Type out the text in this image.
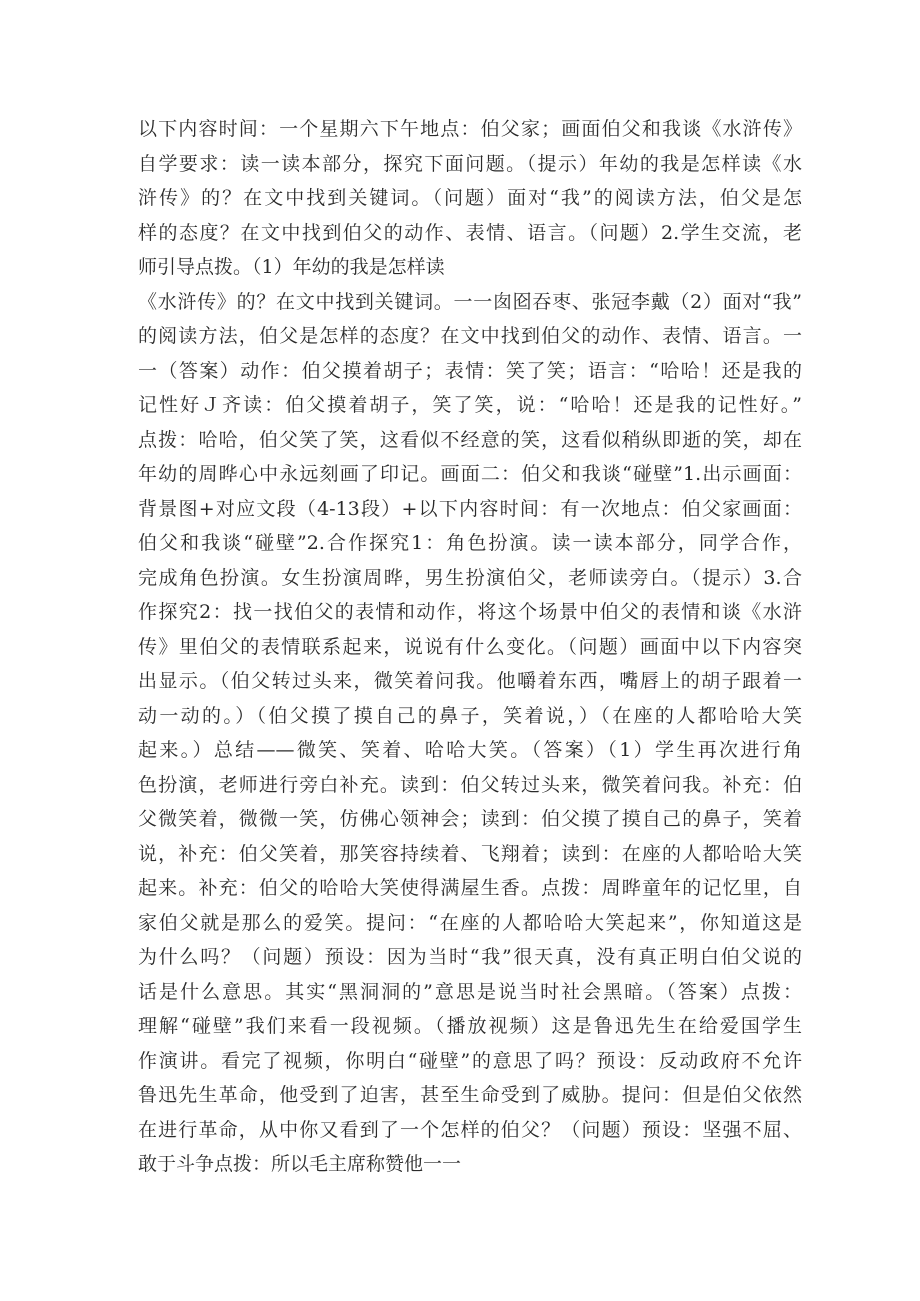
以下内容时间：一个星期六下午地点：伯父家；画面伯父和我谈《水浒传》
自学要求：读一读本部分，探究下面问题。（提示）年幼的我是怎样读《水
浒传》的？在文中找到关键词。（问题）面对“我”的阅读方法，伯父是怎
样的态度？在文中找到伯父的动作、表情、语言。（问题）2.学生交流，老
师引导点拨。（1）年幼的我是怎样读
《水浒传》的？在文中找到关键词。一一囱囵吞枣、张冠李戴（2）面对“我”
的阅读方法，伯父是怎样的态度？在文中找到伯父的动作、表情、语言。一
一（答案）动作：伯父摸着胡子；表情：笑了笑；语言：“哈哈！还是我的
记性好Ｊ齐读：伯父摸着胡子，笑了笑，说：“哈哈！还是我的记性好。”
点拨：哈哈，伯父笑了笑，这看似不经意的笑，这看似稍纵即逝的笑，却在
年幼的周晔心中永远刻画了印记。画面二：伯父和我谈“碰壁”1.出示画面：
背景图+对应文段（4-13段）+以下内容时间：有一次地点：伯父家画面：
伯父和我谈“碰壁”2.合作探究1：角色扮演。读一读本部分，同学合作，
完成角色扮演。女生扮演周晔，男生扮演伯父，老师读旁白。（提示）3.合
作探究2：找一找伯父的表情和动作，将这个场景中伯父的表情和谈《水浒
传》里伯父的表情联系起来，说说有什么变化。（问题）画面中以下内容突
出显示。（伯父转过头来，微笑着问我。他嚼着东西，嘴唇上的胡子跟着一
动一动的。）（伯父摸了摸自己的鼻子，笑着说，）（在座的人都哈哈大笑
起来。）总结——微笑、笑着、哈哈大笑。（答案）（1）学生再次进行角
色扮演，老师进行旁白补充。读到：伯父转过头来，微笑着问我。补充：伯
父微笑着，微微一笑，仿佛心领神会；读到：伯父摸了摸自己的鼻子，笑着
说，补充：伯父笑着，那笑容持续着、飞翔着；读到：在座的人都哈哈大笑
起来。补充：伯父的哈哈大笑使得满屋生香。点拨：周晔童年的记忆里，自
家伯父就是那么的爱笑。提问：“在座的人都哈哈大笑起来”，你知道这是
为什么吗？（问题）预设：因为当时“我”很天真，没有真正明白伯父说的
话是什么意思。其实“黑洞洞的”意思是说当时社会黑暗。（答案）点拨：
理解“碰壁”我们来看一段视频。（播放视频）这是鲁迅先生在给爱国学生
作演讲。看完了视频，你明白“碰壁”的意思了吗？预设：反动政府不允许
鲁迅先生革命，他受到了迫害，甚至生命受到了威胁。提问：但是伯父依然
在进行革命，从中你又看到了一个怎样的伯父？（问题）预设：坚强不屈、
敢于斗争点拨：所以毛主席称赞他一一
